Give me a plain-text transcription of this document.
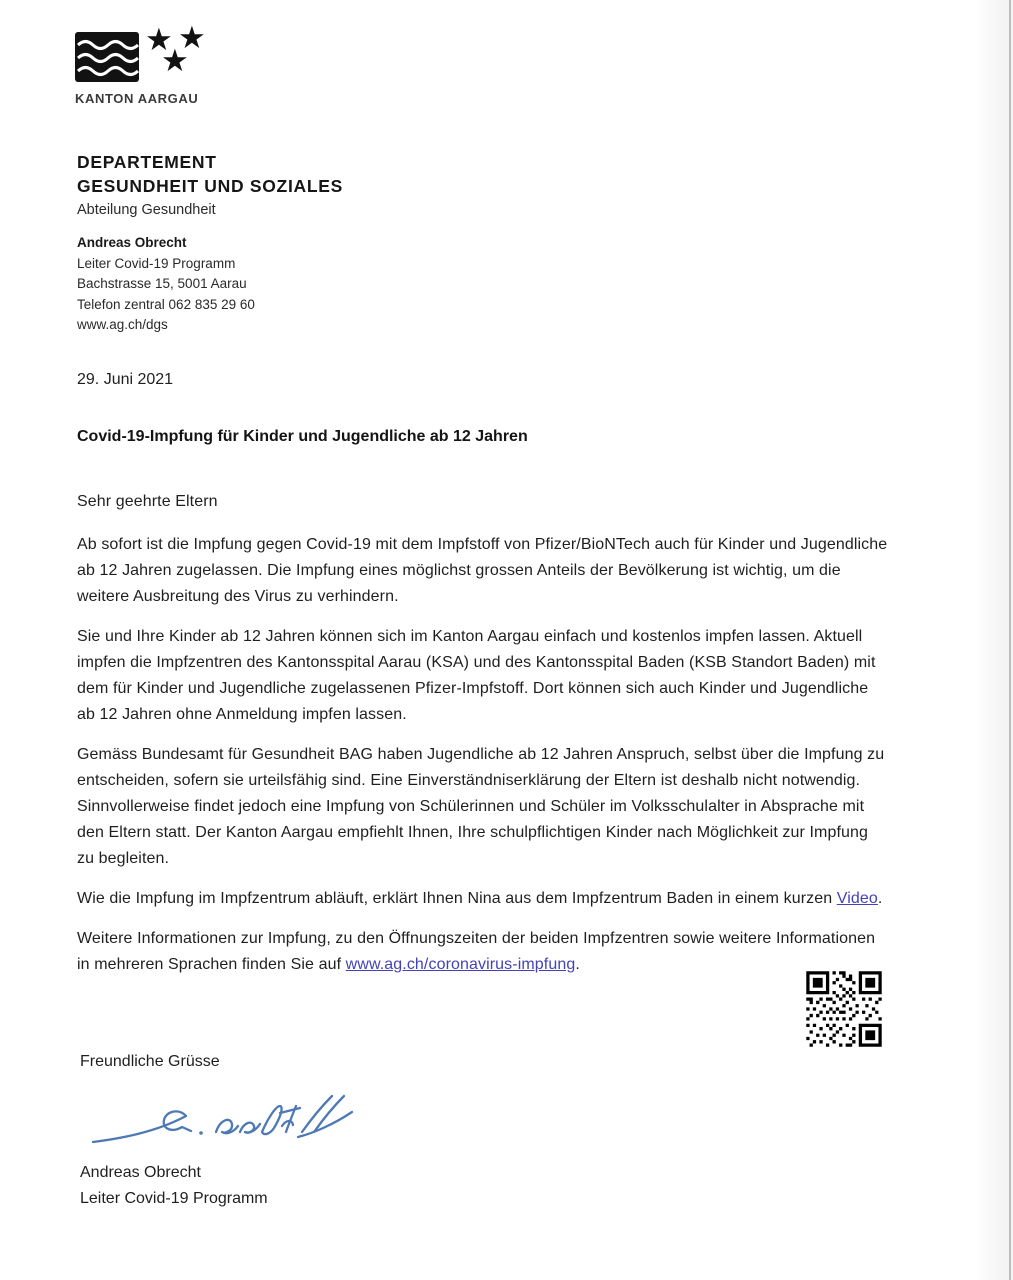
★ ★
★
KANTON AARGAU
DEPARTEMENT
GESUNDHEIT UND SOZIALES
Abteilung Gesundheit
Andreas Obrecht
Leiter Covid-19 Programm
Bachstrasse 15, 5001 Aarau
Telefon zentral 062 835 29 60
www.ag.ch/dgs
29. Juni 2021
Covid-19-Impfung für Kinder und Jugendliche ab 12 Jahren
Sehr geehrte Eltern

Ab sofort ist die Impfung gegen Covid-19 mit dem Impfstoff von Pfizer/BioNTech auch für Kinder und Jugendliche ab 12 Jahren zugelassen. Die Impfung eines möglichst grossen Anteils der Bevölkerung ist wichtig, um die weitere Ausbreitung des Virus zu verhindern.

Sie und Ihre Kinder ab 12 Jahren können sich im Kanton Aargau einfach und kostenlos impfen lassen. Aktuell impfen die Impfzentren des Kantonsspital Aarau (KSA) und des Kantonsspital Baden (KSB Standort Baden) mit dem für Kinder und Jugendliche zugelassenen Pfizer-Impfstoff. Dort können sich auch Kinder und Jugendliche ab 12 Jahren ohne Anmeldung impfen lassen.

Gemäss Bundesamt für Gesundheit BAG haben Jugendliche ab 12 Jahren Anspruch, selbst über die Impfung zu entscheiden, sofern sie urteilsfähig sind. Eine Einverständniserklärung der Eltern ist deshalb nicht notwendig. Sinnvollerweise findet jedoch eine Impfung von Schülerinnen und Schüler im Volksschulalter in Absprache mit den Eltern statt. Der Kanton Aargau empfiehlt Ihnen, Ihre schulpflichtigen Kinder nach Möglichkeit zur Impfung zu begleiten.

Wie die Impfung im Impfzentrum abläuft, erklärt Ihnen Nina aus dem Impfzentrum Baden in einem kurzen Video.

Weitere Informationen zur Impfung, zu den Öffnungszeiten der beiden Impfzentren sowie weitere Informationen in mehreren Sprachen finden Sie auf www.ag.ch/coronavirus-impfung.

Freundliche Grüsse
Andreas Obrecht
Leiter Covid-19 Programm
